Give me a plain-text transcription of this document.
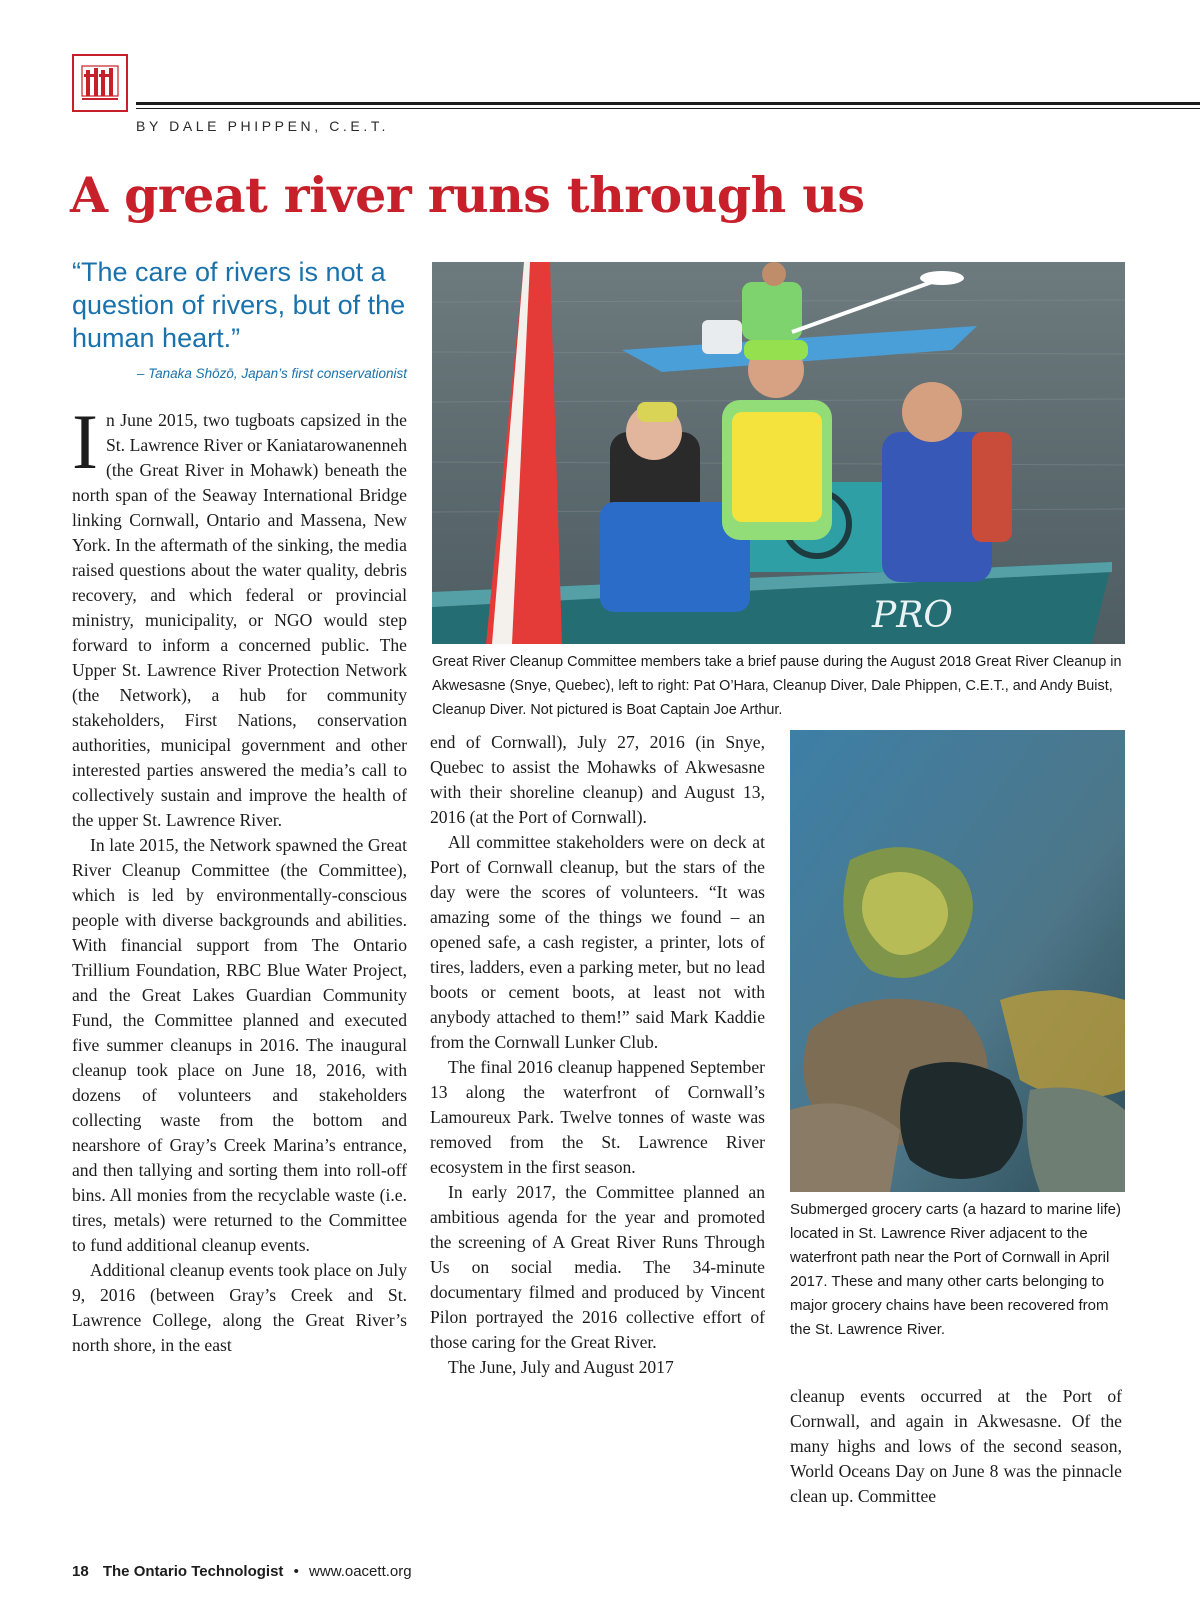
BY DALE PHIPPEN, C.E.T.
A great river runs through us
“The care of rivers is not a question of rivers, but of the human heart.”
– Tanaka Shōzō, Japan’s first conservationist

In June 2015, two tugboats capsized in the St. Lawrence River or Kaniatarowanenneh (the Great River in Mohawk) beneath the north span of the Seaway International Bridge linking Cornwall, Ontario and Massena, New York. In the aftermath of the sinking, the media raised questions about the water quality, debris recovery, and which federal or provincial ministry, municipality, or NGO would step forward to inform a concerned public. The Upper St. Lawrence River Protection Network (the Network), a hub for community stakeholders, First Nations, conservation authorities, municipal government and other interested parties answered the media’s call to collectively sustain and improve the health of the upper St. Lawrence River.

In late 2015, the Network spawned the Great River Cleanup Committee (the Committee), which is led by environmentally-conscious people with diverse backgrounds and abilities. With financial support from The Ontario Trillium Foundation, RBC Blue Water Project, and the Great Lakes Guardian Community Fund, the Committee planned and executed five summer cleanups in 2016. The inaugural cleanup took place on June 18, 2016, with dozens of volunteers and stakeholders collecting waste from the bottom and nearshore of Gray’s Creek Marina’s entrance, and then tallying and sorting them into roll-off bins. All monies from the recyclable waste (i.e. tires, metals) were returned to the Committee to fund additional cleanup events.

Additional cleanup events took place on July 9, 2016 (between Gray’s Creek and St. Lawrence College, along the Great River’s north shore, in the east

PRO
Great River Cleanup Committee members take a brief pause during the August 2018 Great River Cleanup in Akwesasne (Snye, Quebec), left to right: Pat O’Hara, Cleanup Diver, Dale Phippen, C.E.T., and Andy Buist, Cleanup Diver. Not pictured is Boat Captain Joe Arthur.

end of Cornwall), July 27, 2016 (in Snye, Quebec to assist the Mohawks of Akwesasne with their shoreline cleanup) and August 13, 2016 (at the Port of Cornwall).

All committee stakeholders were on deck at Port of Cornwall cleanup, but the stars of the day were the scores of volunteers. “It was amazing some of the things we found – an opened safe, a cash register, a printer, lots of tires, ladders, even a parking meter, but no lead boots or cement boots, at least not with anybody attached to them!” said Mark Kaddie from the Cornwall Lunker Club.

The final 2016 cleanup happened September 13 along the waterfront of Cornwall’s Lamoureux Park. Twelve tonnes of waste was removed from the St. Lawrence River ecosystem in the first season.

In early 2017, the Committee planned an ambitious agenda for the year and promoted the screening of A Great River Runs Through Us on social media. The 34-minute documentary filmed and produced by Vincent Pilon portrayed the 2016 collective effort of those caring for the Great River.

The June, July and August 2017

Submerged grocery carts (a hazard to marine life) located in St. Lawrence River adjacent to the waterfront path near the Port of Cornwall in April 2017. These and many other carts belonging to major grocery chains have been recovered from the St. Lawrence River.

cleanup events occurred at the Port of Cornwall, and again in Akwesasne. Of the many highs and lows of the second season, World Oceans Day on June 8 was the pinnacle clean up. Committee

18 The Ontario Technologist • www.oacett.org
